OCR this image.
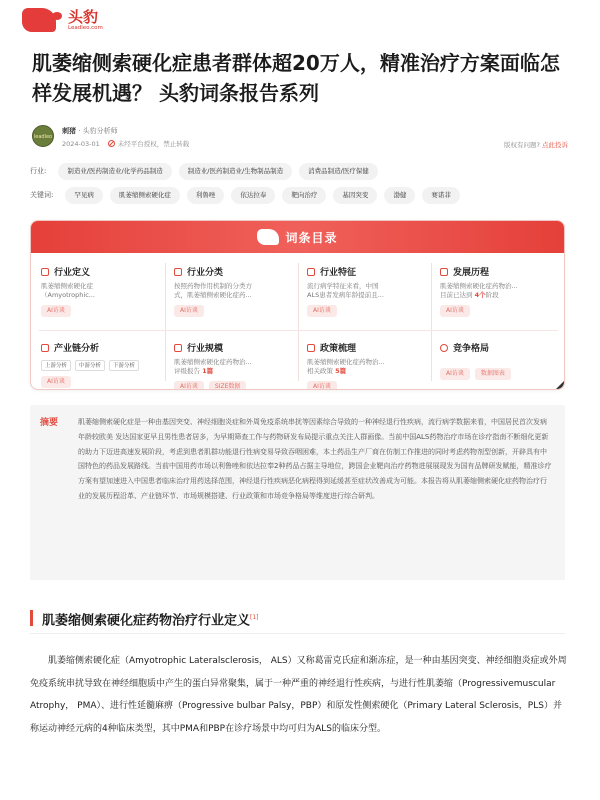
头豹
Leadleo.com
肌萎缩侧索硬化症患者群体超20万人，精准治疗方案面临怎样发展机遇？ 头豹词条报告系列
leadleo
刺猪 · 头豹分析师
2024-03-01	未经平台授权，禁止转载	版权有问题? 点此投诉
行业:	制造业/医药制造业/化学药品制造	制造业/医药制造业/生物制品制造	消费品制造/医疗保健
关键词:	罕见病	肌萎缩侧索硬化症	利鲁唑	依达拉奉	靶向治疗	基因突变	渤健	赛诺菲
词条目录
行业定义
肌萎缩侧索硬化症
（Amyotrophic...
AI访谈
行业分类
按照药物作用机制的分类方
式，肌萎缩侧索硬化症药...
AI访谈
行业特征
流行病学特征来看，中国
ALS患者发病年龄提前且...
AI访谈
发展历程
肌萎缩侧索硬化症药物治...
目前已达到 4个阶段
AI访谈
产业链分析
上游分析	中游分析	下游分析
AI访谈
行业规模
肌萎缩侧索硬化症药物治...
评级报告 1篇
AI访谈	SIZE数据
政策梳理
肌萎缩侧索硬化症药物治...
相关政策 5篇
AI访谈
竞争格局
AI访谈	数据图表
摘要	肌萎缩侧索硬化症是一种由基因突变、神经细胞炎症和外周免疫系统串扰等因素综合导致的一种神经退行性疾病，流行病学数据来看，中国居民首次发病年龄较欧美 发达国家更早且男性患者居多，为早期筛查工作与药物研发布局提示重点关注人群画像。当前中国ALS药物治疗市场在诊疗指南不断细化更新的助力下迈进高速发展阶段，考虑到患者肌群功能退行性病变易导致吞咽困难，本土药品生产厂商在仿制工作推进的同时考虑药物剂型创新，开辟具有中国特色的药品发展路线。当前中国用药市场以利鲁唑和依达拉奉2种药品占据主导地位，跨国企业靶向治疗药物进展展现发为国有品牌研发赋能，精准诊疗方案有望加速进入中国患者临床治疗用药选择范围，神经退行性疾病恶化病程得到延缓甚至症状改善成为可能。本报告将从肌萎缩侧索硬化症药物治疗行业的发展历程沿革、产业链环节、市场规模搭建、行业政策和市场竞争格局等维度进行综合研判。
肌萎缩侧索硬化症药物治疗行业定义[1]

肌萎缩侧索硬化症（Amyotrophic Lateralsclerosis， ALS）又称葛雷克氏症和渐冻症，是一种由基因突变、神经细胞炎症或外周免疫系统串扰导致在神经细胞质中产生的蛋白异常聚集，属于一种严重的神经退行性疾病，与进行性肌萎缩（Progressivemuscular Atrophy， PMA）、进行性延髓麻痹（Progressive bulbar Palsy，PBP）和原发性侧索硬化（Primary Lateral Sclerosis，PLS）并称运动神经元病的4种临床类型，其中PMA和PBP在诊疗场景中均可归为ALS的临床分型。
